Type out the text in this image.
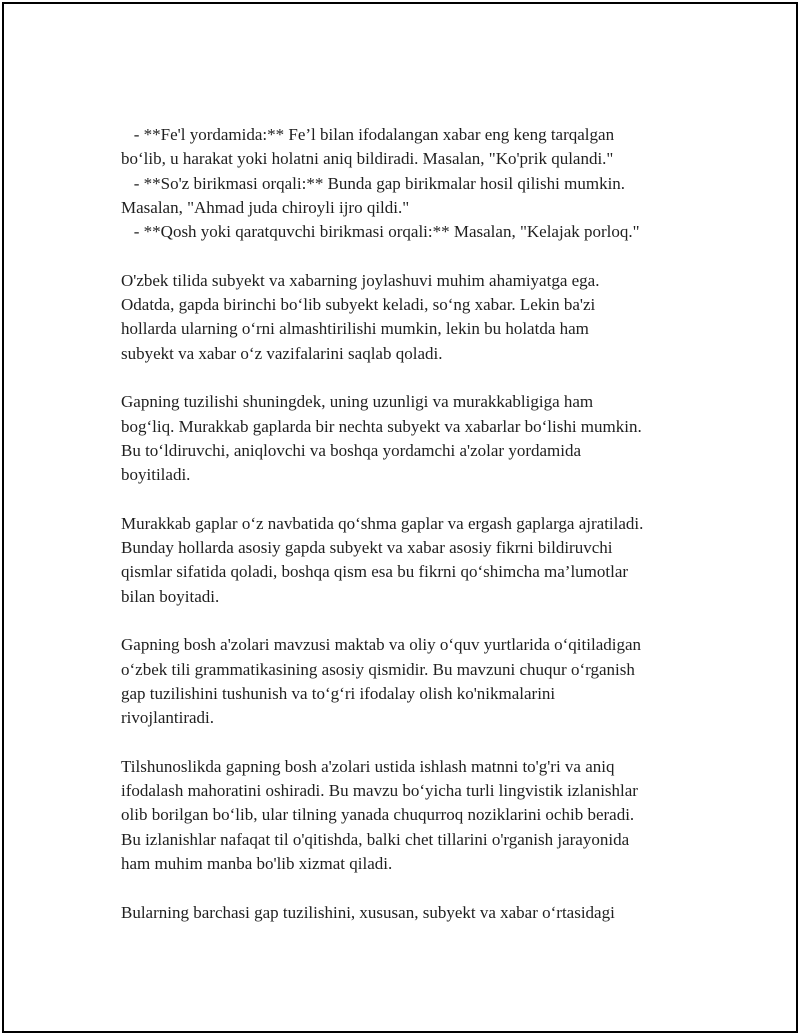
- **Fe'l yordamida:** Fe’l bilan ifodalangan xabar eng keng tarqalgan
bo‘lib, u harakat yoki holatni aniq bildiradi. Masalan, "Ko'prik qulandi."
- **So'z birikmasi orqali:** Bunda gap birikmalar hosil qilishi mumkin.
Masalan, "Ahmad juda chiroyli ijro qildi."
- **Qosh yoki qaratquvchi birikmasi orqali:** Masalan, "Kelajak porloq."
O'zbek tilida subyekt va xabarning joylashuvi muhim ahamiyatga ega.
Odatda, gapda birinchi bo‘lib subyekt keladi, so‘ng xabar. Lekin ba'zi
hollarda ularning o‘rni almashtirilishi mumkin, lekin bu holatda ham
subyekt va xabar o‘z vazifalarini saqlab qoladi.
Gapning tuzilishi shuningdek, uning uzunligi va murakkabligiga ham
bog‘liq. Murakkab gaplarda bir nechta subyekt va xabarlar bo‘lishi mumkin.
Bu to‘ldiruvchi, aniqlovchi va boshqa yordamchi a'zolar yordamida
boyitiladi.
Murakkab gaplar o‘z navbatida qo‘shma gaplar va ergash gaplarga ajratiladi.
Bunday hollarda asosiy gapda subyekt va xabar asosiy fikrni bildiruvchi
qismlar sifatida qoladi, boshqa qism esa bu fikrni qo‘shimcha ma’lumotlar
bilan boyitadi.
Gapning bosh a'zolari mavzusi maktab va oliy o‘quv yurtlarida o‘qitiladigan
o‘zbek tili grammatikasining asosiy qismidir. Bu mavzuni chuqur o‘rganish
gap tuzilishini tushunish va to‘g‘ri ifodalay olish ko'nikmalarini
rivojlantiradi.
Tilshunoslikda gapning bosh a'zolari ustida ishlash matnni to'g'ri va aniq
ifodalash mahoratini oshiradi. Bu mavzu bo‘yicha turli lingvistik izlanishlar
olib borilgan bo‘lib, ular tilning yanada chuqurroq noziklarini ochib beradi.
Bu izlanishlar nafaqat til o'qitishda, balki chet tillarini o'rganish jarayonida
ham muhim manba bo'lib xizmat qiladi.
Bularning barchasi gap tuzilishini, xususan, subyekt va xabar o‘rtasidagi
